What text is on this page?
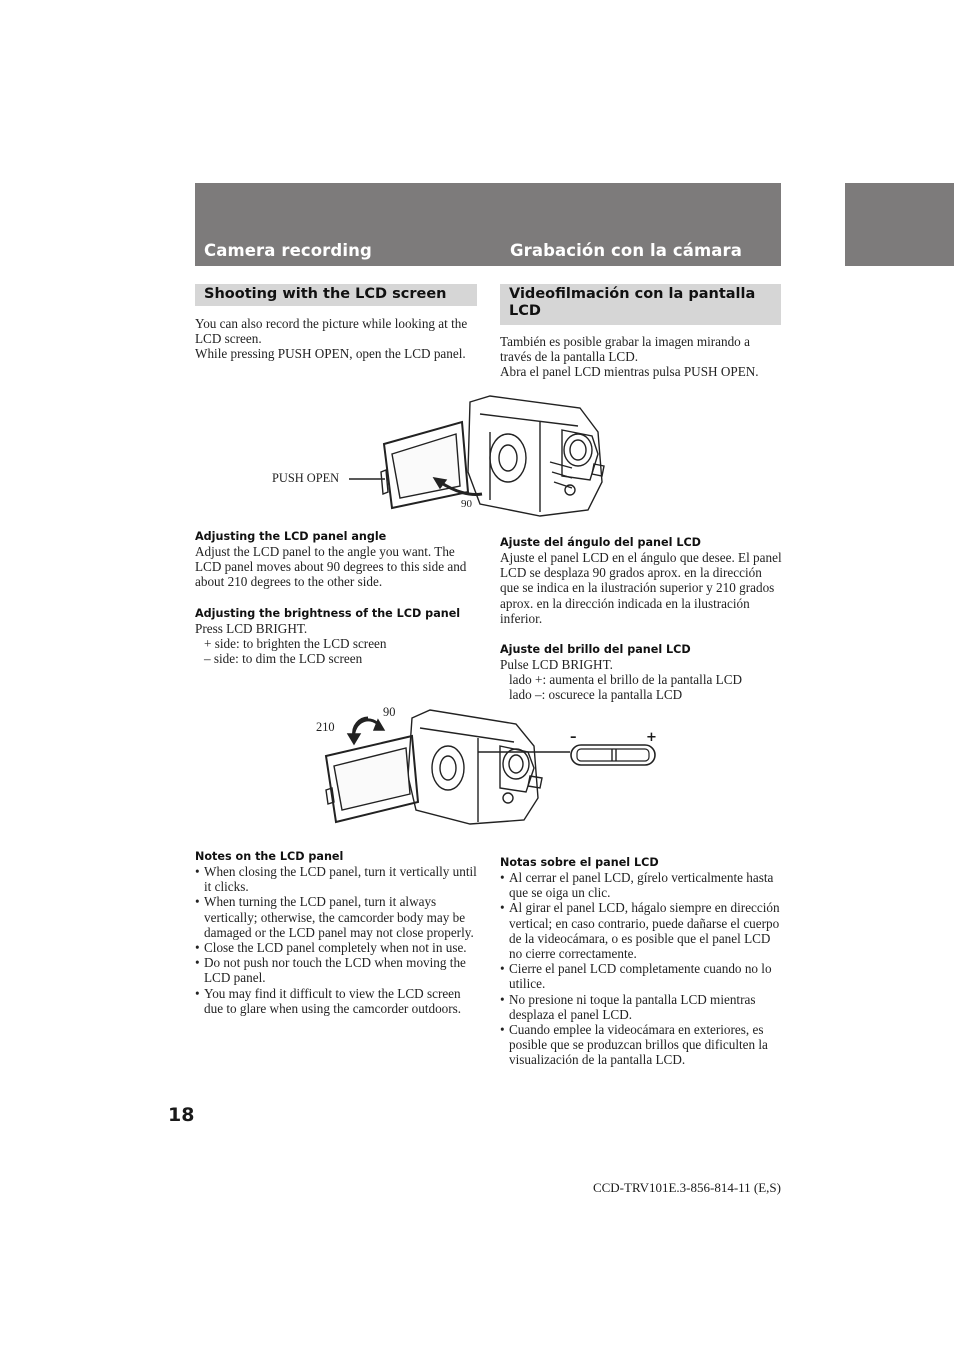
Camera recording	Grabación con la cámara
Shooting with the LCD screen

You can also record the picture while looking at the LCD screen.

While pressing PUSH OPEN, open the LCD panel.

Adjusting the LCD panel angle

Adjust the LCD panel to the angle you want. The LCD panel moves about 90 degrees to this side and about 210 degrees to the other side.

Adjusting the brightness of the LCD panel

Press LCD BRIGHT.

+ side: to brighten the LCD screen

– side: to dim the LCD screen

Notes on the LCD panel
• When closing the LCD panel, turn it vertically until it clicks.
• When turning the LCD panel, turn it always vertically; otherwise, the camcorder body may be damaged or the LCD panel may not close properly.
• Close the LCD panel completely when not in use.
• Do not push nor touch the LCD when moving the LCD panel.
• You may find it difficult to view the LCD screen due to glare when using the camcorder outdoors.
Videofilmación con la pantalla LCD

También es posible grabar la imagen mirando a través de la pantalla LCD.

Abra el panel LCD mientras pulsa PUSH OPEN.

Ajuste del ángulo del panel LCD

Ajuste el panel LCD en el ángulo que desee. El panel LCD se desplaza 90 grados aprox. en la dirección que se indica en la ilustración superior y 210 grados aprox. en la dirección indicada en la ilustración inferior.

Ajuste del brillo del panel LCD

Pulse LCD BRIGHT.

lado +: aumenta el brillo de la pantalla LCD

lado –: oscurece la pantalla LCD

Notas sobre el panel LCD
• Al cerrar el panel LCD, gírelo verticalmente hasta que se oiga un clic.
• Al girar el panel LCD, hágalo siempre en dirección vertical; en caso contrario, puede dañarse el cuerpo de la videocámara, o es posible que el panel LCD no cierre correctamente.
• Cierre el panel LCD completamente cuando no lo utilice.
• No presione ni toque la pantalla LCD mientras desplaza el panel LCD.
• Cuando emplee la videocámara en exteriores, es posible que se produzcan brillos que dificulten la visualización de la pantalla LCD.
PUSH OPEN
90
210
90
–	+
18
CCD-TRV101E.3-856-814-11 (E,S)
